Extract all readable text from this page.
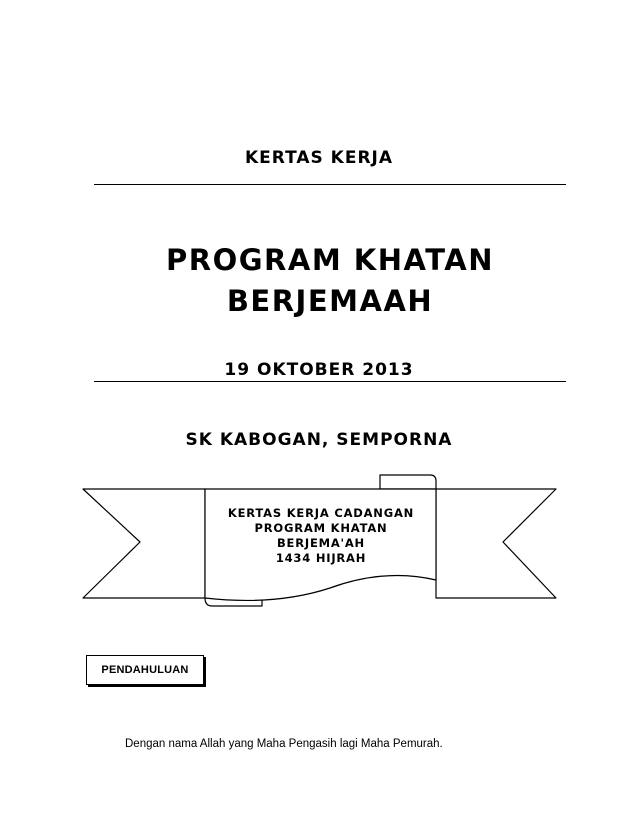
KERTAS KERJA
PROGRAM KHATAN
BERJEMAAH
19 OKTOBER 2013
SK KABOGAN, SEMPORNA
KERTAS KERJA CADANGAN
PROGRAM KHATAN
BERJEMA'AH
1434 HIJRAH
PENDAHULUAN
Dengan nama Allah yang Maha Pengasih lagi Maha Pemurah.
